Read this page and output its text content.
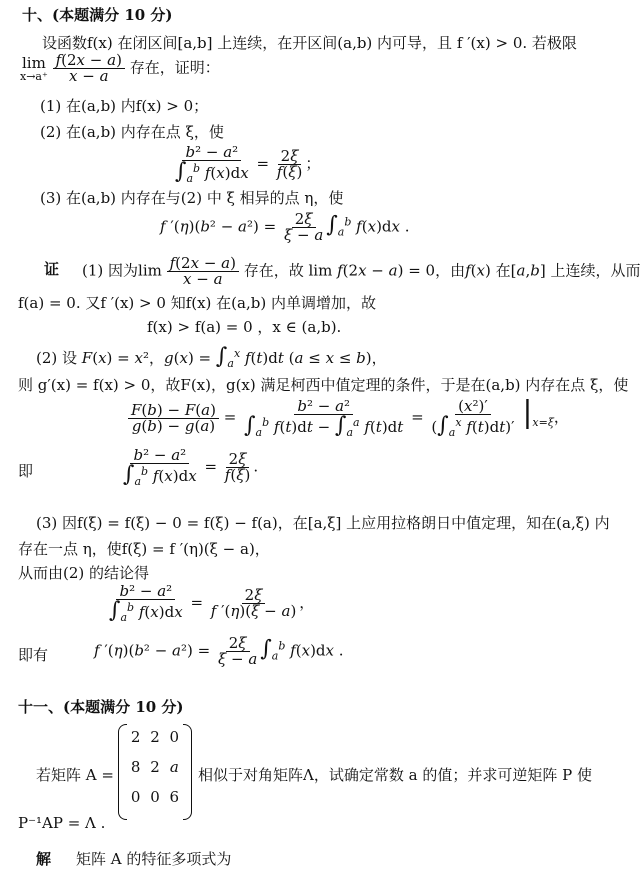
十、(本题满分 10 分)
设函数f(x) 在闭区间[a,b] 上连续，在开区间(a,b) 内可导，且 f ′(x) > 0. 若极限
lim
x→a⁺
$\frac{f(2x - a)}{x - a}$ 存在，证明：
(1) 在(a,b) 内f(x) > 0；
(2) 在(a,b) 内存在点 ξ，使
$\frac{\text{b² − a²}}{\int_a^b f(x)dx} = \frac{2\xi}{f(\xi)}$ ；
(3) 在(a,b) 内存在与(2) 中 ξ 相异的点 η，使
f $'(\eta)(b^2 - a^2) = \frac{2\xi}{\xi - a} \int_a^b$ f(x)dx .
证 (1) 因为$\lim \frac{f(2x - a)}{x - a}$ 存在，故 lim f(2x − a) = 0，由f(x) 在[a,b] 上连续，从而
f(a) = 0. 又f ′(x) > 0 知f(x) 在(a,b) 内单调增加，故
f(x) > f(a) = 0 ，x ∈ (a,b).
(2) 设 F(x) = x²，$g(x) = \int_a^x$ f(t)dt (a ≤ x ≤ b)，
则 g′(x) = f(x) > 0，故F(x)，g(x) 满足柯西中值定理的条件，于是在(a,b) 内存在点 ξ，使
$\frac{F(b) - F(a)}{g(b) - g(a)} = \frac{\text{b² − a²}}{\int_a^b f(t)dt - \int_a^a f(t)dt} = \frac{\text{(x²)′}}{(\int_a^x f(t)dt)'} |_{x=\xi}$，
即	$\frac{\text{b² − a²}}{\int_a^b f(x)dx} = \frac{2\xi}{f(\xi)}$ .
(3) 因f(ξ) = f(ξ) − 0 = f(ξ) − f(a)，在[a,ξ] 上应用拉格朗日中值定理，知在(a,ξ) 内
存在一点 η，使f(ξ) = f ′(η)(ξ − a)，
从而由(2) 的结论得
$\frac{\text{b² − a²}}{\int_a^b f(x)dx} = \frac{2\xi}{f '(\eta)(\xi - a)}$ ，
即有	f $'(\eta)(b^2 - a^2) = \frac{2\xi}{\xi - a} \int_a^b$ f(x)dx .
十一、(本题满分 10 分)
若矩阵 A =
2 2 0
8 2 a
0 0 6
相似于对角矩阵Λ，试确定常数 a 的值；并求可逆矩阵 P 使
P⁻¹AP = Λ .
解 矩阵 A 的特征多项式为
